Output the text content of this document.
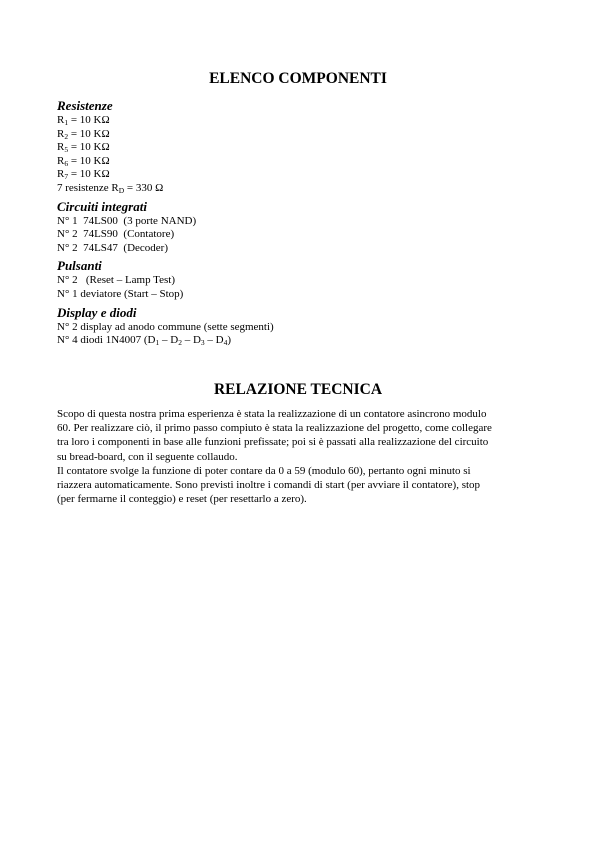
ELENCO COMPONENTI
Resistenze
$R_1 = 10$ KΩ
$R_2 = 10$ KΩ
$R_5 = 10$ KΩ
$R_6 = 10$ KΩ
$R_7 = 10$ KΩ
7 resistenze $R_D = 330$ Ω
Circuiti integrati
N° 1  74LS00  (3 porte NAND)
N° 2  74LS90  (Contatore)
N° 2  74LS47  (Decoder)
Pulsanti
N° 2   (Reset – Lamp Test)
N° 1 deviatore (Start – Stop)
Display e diodi
N° 2 display ad anodo commune (sette segmenti)
N° 4 diodi 1N4007 $(D_1 - D_2 - D_3 - D_4)$
RELAZIONE TECNICA

Scopo di questa nostra prima esperienza è stata la realizzazione di un contatore asincrono modulo
60. Per realizzare ciò, il primo passo compiuto è stata la realizzazione del progetto, come collegare
tra loro i componenti in base alle funzioni prefissate; poi si è passati alla realizzazione del circuito
su bread-board, con il seguente collaudo.

Il contatore svolge la funzione di poter contare da 0 a 59 (modulo 60), pertanto ogni minuto si
riazzera automaticamente. Sono previsti inoltre i comandi di start (per avviare il contatore), stop
(per fermarne il conteggio) e reset (per resettarlo a zero).
